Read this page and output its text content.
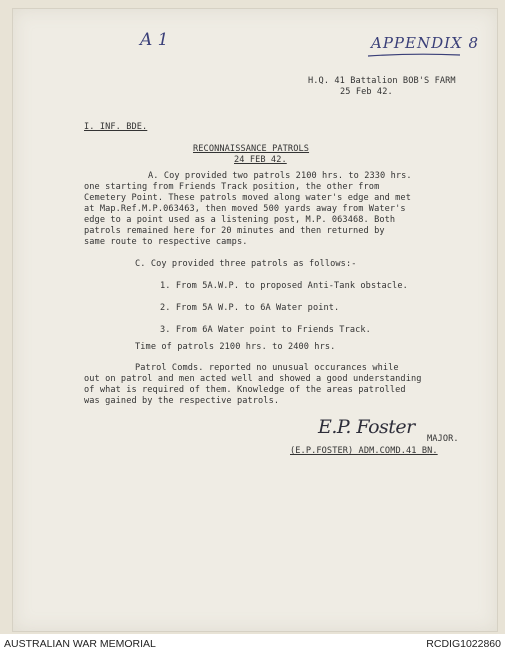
A 1	APPENDIX 8
H.Q. 41 Battalion BOB'S FARM
25 Feb 42.
I. INF. BDE.
RECONNAISSANCE PATROLS
24 FEB 42.
A. Coy provided two patrols 2100 hrs. to 2330 hrs.
one starting from Friends Track position, the other from
Cemetery Point. These patrols moved along water's edge and met
at Map.Ref.M.P.063463, then moved 500 yards away from Water's
edge to a point used as a listening post, M.P. 063468. Both
patrols remained here for 20 minutes and then returned by
same route to respective camps.
C. Coy provided three patrols as follows:-
1. From 5A.W.P. to proposed Anti-Tank obstacle.
2. From 5A W.P. to 6A Water point.
3. From 6A Water point to Friends Track.
Time of patrols 2100 hrs. to 2400 hrs.
Patrol Comds. reported no unusual occurances while
out on patrol and men acted well and showed a good understanding
of what is required of them. Knowledge of the areas patrolled
was gained by the respective patrols.
E.P. Foster
MAJOR.
(E.P.FOSTER) ADM.COMD.41 BN.
AUSTRALIAN WAR MEMORIAL	RCDIG1022860
